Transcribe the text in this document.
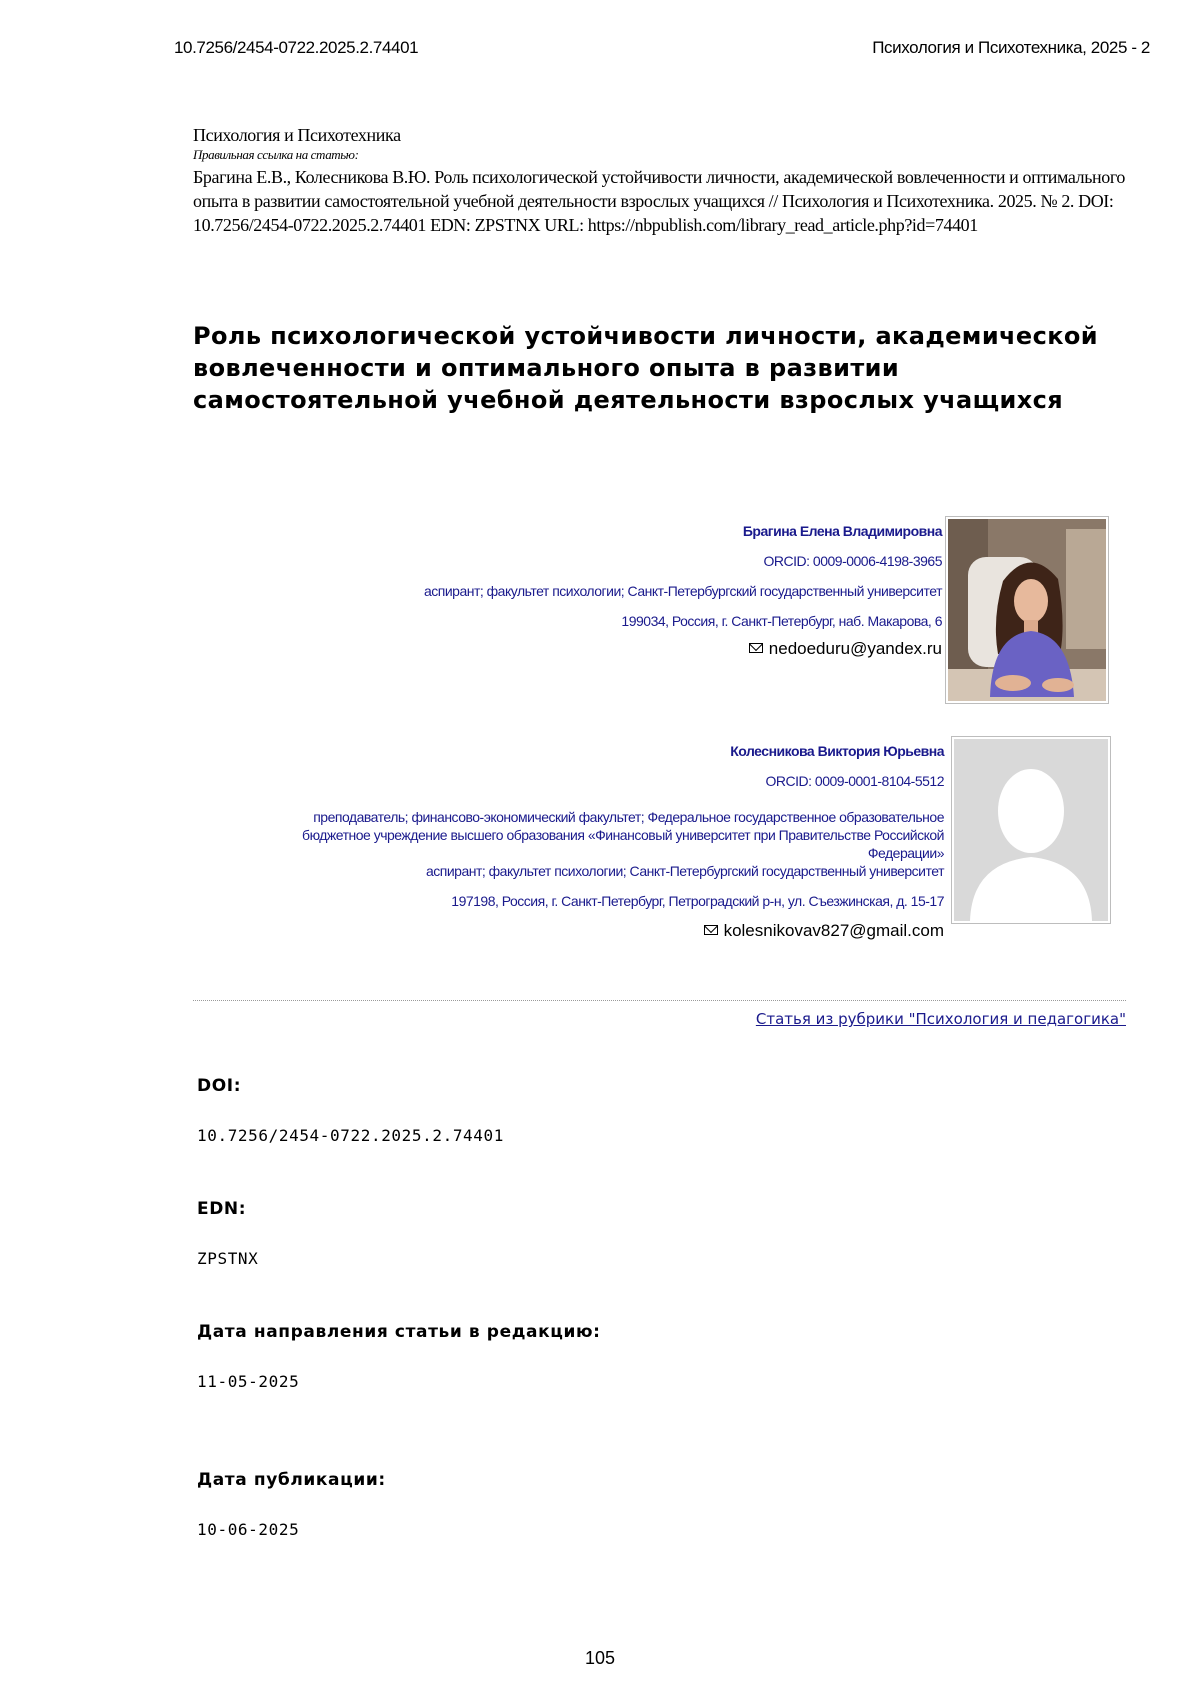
10.7256/2454-0722.2025.2.74401	Психология и Психотехника, 2025 - 2
Психология и Психотехника
Правильная ссылка на статью:
Брагина Е.В., Колесникова В.Ю. Роль психологической устойчивости личности, академической вовлеченности и оптимального опыта в развитии самостоятельной учебной деятельности взрослых учащихся // Психология и Психотехника. 2025. № 2. DOI: 10.7256/2454-0722.2025.2.74401 EDN: ZPSTNX URL: https://nbpublish.com/library_read_article.php?id=74401
Роль психологической устойчивости личности, академической вовлеченности и оптимального опыта в развитии самостоятельной учебной деятельности взрослых учащихся
Брагина Елена Владимировна
ORCID: 0009-0006-4198-3965
аспирант; факультет психологии; Санкт-Петербургский государственный университет
199034, Россия, г. Санкт-Петербург, наб. Макарова, 6
nedoeduru@yandex.ru
Колесникова Виктория Юрьевна
ORCID: 0009-0001-8104-5512
преподаватель; финансово-экономический факультет; Федеральное государственное образовательное бюджетное учреждение высшего образования «Финансовый университет при Правительстве Российской Федерации»
аспирант; факультет психологии; Санкт-Петербургский государственный университет
197198, Россия, г. Санкт-Петербург, Петроградский р-н, ул. Съезжинская, д. 15-17
kolesnikovav827@gmail.com
Статья из рубрики "Психология и педагогика"
DOI:
10.7256/2454-0722.2025.2.74401
EDN:
ZPSTNX
Дата направления статьи в редакцию:
11-05-2025
Дата публикации:
10-06-2025
105
